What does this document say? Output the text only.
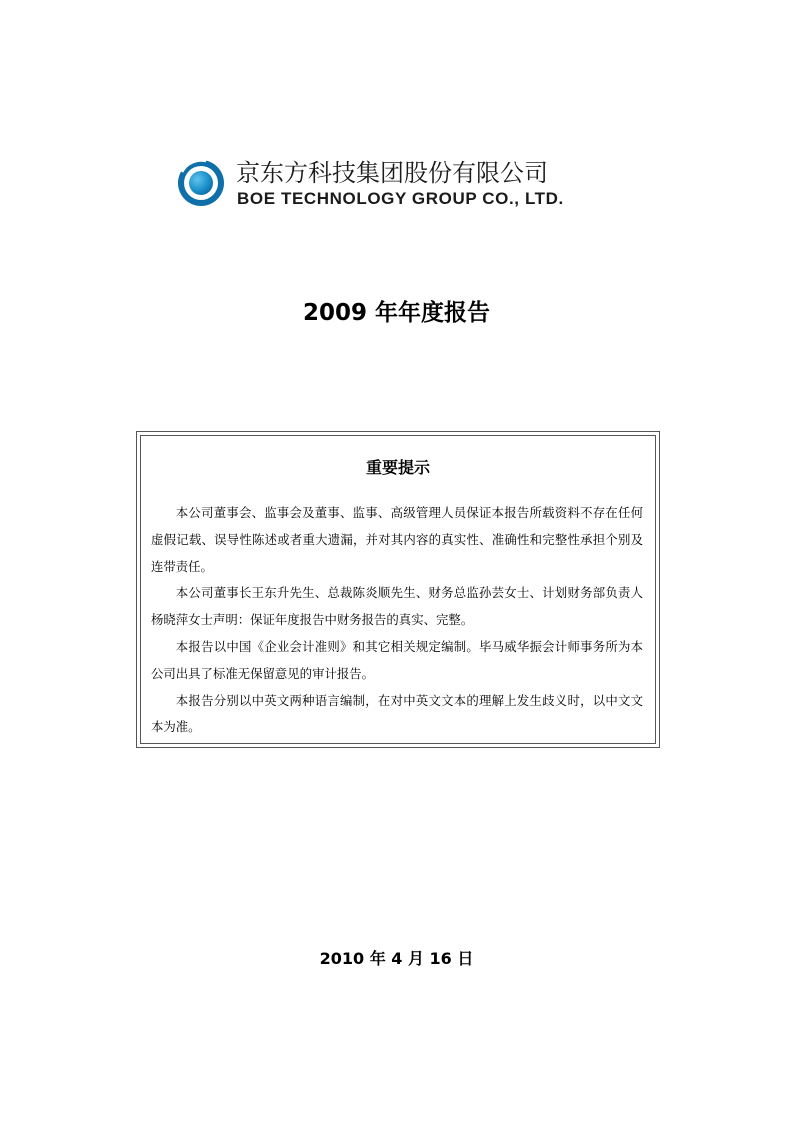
京东方科技集团股份有限公司
BOE TECHNOLOGY GROUP CO., LTD.
2009 年年度报告
重要提示

本公司董事会、监事会及董事、监事、高级管理人员保证本报告所载资料不存在任何虚假记载、误导性陈述或者重大遗漏，并对其内容的真实性、准确性和完整性承担个别及连带责任。

本公司董事长王东升先生、总裁陈炎顺先生、财务总监孙芸女士、计划财务部负责人杨晓萍女士声明：保证年度报告中财务报告的真实、完整。

本报告以中国《企业会计准则》和其它相关规定编制。毕马威华振会计师事务所为本公司出具了标准无保留意见的审计报告。

本报告分别以中英文两种语言编制，在对中英文文本的理解上发生歧义时，以中文文本为准。

2010 年 4 月 16 日
